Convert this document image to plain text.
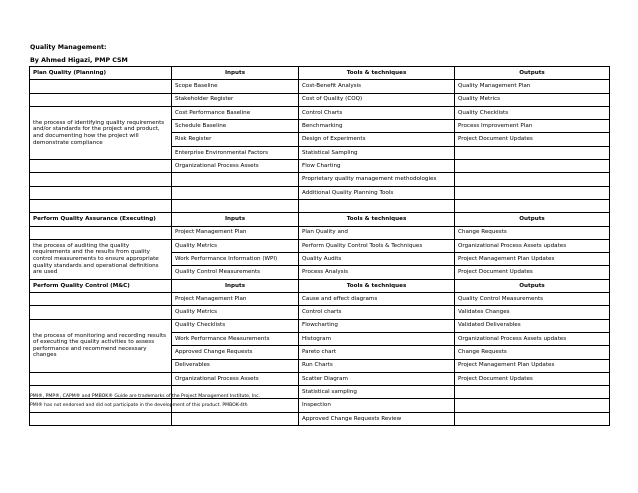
Quality Management:
By Ahmed Higazi, PMP CSM
Plan Quality (Planning)	Inputs	Tools & techniques	Outputs
	Scope Baseline	Cost-Benefit Analysis	Quality Management Plan
	Stakeholder Register	Cost of Quality (COQ)	Quality Metrics
the process of identifying quality requirements and/or standards for the project and product, and documenting how the project will demonstrate compliance	Cost Performance Baseline	Control Charts	Quality Checklists
	Schedule Baseline	Benchmarking	Process Improvement Plan
	Risk Register	Design of Experiments	Project Document Updates
	Enterprise Environmental Factors	Statistical Sampling	
	Organizational Process Assets	Flow Charting	
		Proprietary quality management methodologies	
		Additional Quality Planning Tools	

Perform Quality Assurance (Executing)	Inputs	Tools & techniques	Outputs
	Project Management Plan	Plan Quality and	Change Requests
the process of auditing the quality requirements and the results from quality control measurements to ensure appropriate quality standards and operational definitions are used	Quality Metrics	Perform Quality Control Tools & Techniques	Organizational Process Assets updates
	Work Performance Information (WPI)	Quality Audits	Project Management Plan Updates
	Quality Control Measurements	Process Analysis	Project Document Updates
Perform Quality Control (M&C)	Inputs	Tools & techniques	Outputs
	Project Management Plan	Cause and effect diagrams	Quality Control Measurements
	Quality Metrics	Control charts	Validates Changes
the process of monitoring and recording results of executing the quality activities to assess performance and recommend necessary changes	Quality Checklists	Flowcharting	Validated Deliverables
	Work Performance Measurements	Histogram	Organizational Process Assets updates
	Approved Change Requests	Pareto chart	Change Requests
	Deliverables	Run Charts	Project Management Plan Updates
	Organizational Process Assets	Scatter Diagram	Project Document Updates
		Statistical sampling	
		Inspection	
		Approved Change Requests Review	
PMI®, PMP®, CAPM® and PMBOK® Guide are trademarks of the Project Management Institute, Inc.
PMI® has not endorsed and did not participate in the development of this product. PMBOK-4th
